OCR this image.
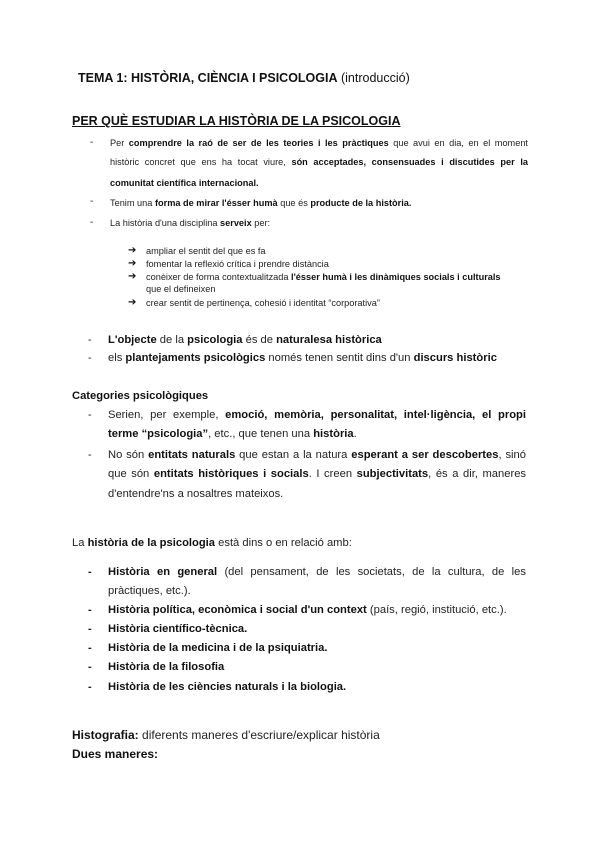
TEMA 1: HISTÒRIA, CIÈNCIA I PSICOLOGIA (introducció)
PER QUÈ ESTUDIAR LA HISTÒRIA DE LA PSICOLOGIA
- Per comprendre la raó de ser de les teories i les pràctiques que avui en dia, en el moment
històric concret que ens ha tocat viure, són acceptades, consensuades i discutides per la
comunitat científica internacional.
- Tenim una forma de mirar l'ésser humà que és producte de la història.
- La història d'una disciplina serveix per:
➔ ampliar el sentit del que es fa
➔ fomentar la reflexió crítica i prendre distància
➔ conèixer de forma contextualitzada l'ésser humà i les dinàmiques socials i culturals
que el defineixen
➔ crear sentit de pertinença, cohesió i identitat “corporativa”
- L'objecte de la psicologia és de naturalesa històrica
- els plantejaments psicològics només tenen sentit dins d'un discurs històric
Categories psicològiques
- Serien, per exemple, emoció, memòria, personalitat, intel·ligència, el propi
terme “psicologia”, etc., que tenen una història.
- No són entitats naturals que estan a la natura esperant a ser descobertes, sinó
que són entitats històriques i socials. I creen subjectivitats, és a dir, maneres
d'entendre'ns a nosaltres mateixos.
La història de la psicologia està dins o en relació amb:
- Història en general (del pensament, de les societats, de la cultura, de les
pràctiques, etc.).
- Història política, econòmica i social d'un context (país, regió, institució, etc.).
- Història científico-tècnica.
- Història de la medicina i de la psiquiatria.
- Història de la filosofia
- Història de les ciències naturals i la biologia.
Histografia: diferents maneres d'escriure/explicar història
Dues maneres:
